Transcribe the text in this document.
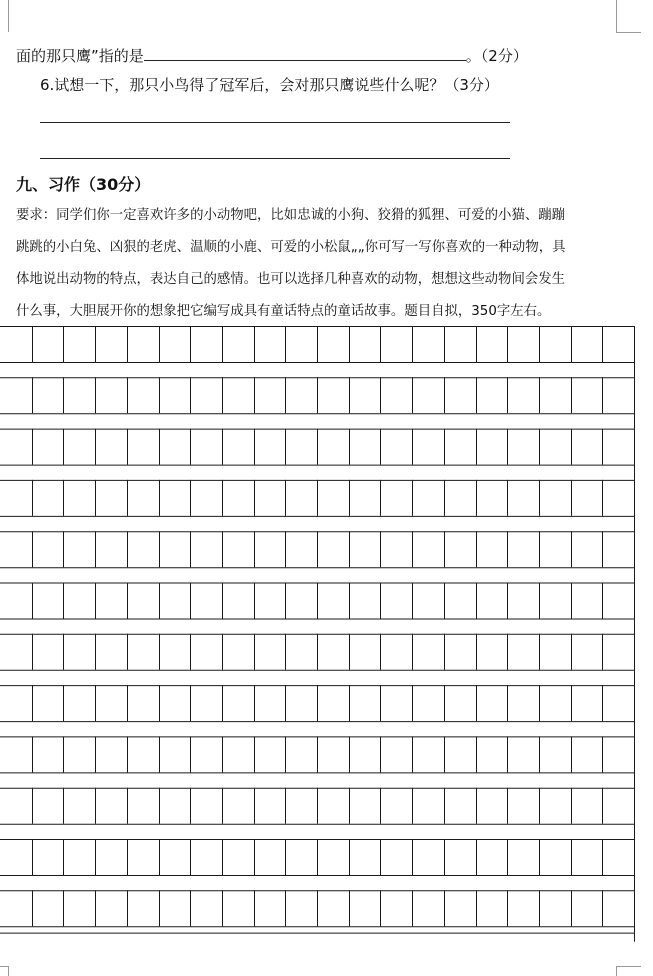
面的那只鹰”指的是	。（2分）
6.试想一下，那只小鸟得了冠军后，会对那只鹰说些什么呢？（3分）
九、习作（30分）
要求：同学们你一定喜欢许多的小动物吧，比如忠诚的小狗、狡猾的狐狸、可爱的小猫、蹦蹦
跳跳的小白兔、凶狠的老虎、温顺的小鹿、可爱的小松鼠„„你可写一写你喜欢的一种动物，具
体地说出动物的特点，表达自己的感情。也可以选择几种喜欢的动物，想想这些动物间会发生
什么事，大胆展开你的想象把它编写成具有童话特点的童话故事。题目自拟，350字左右。
